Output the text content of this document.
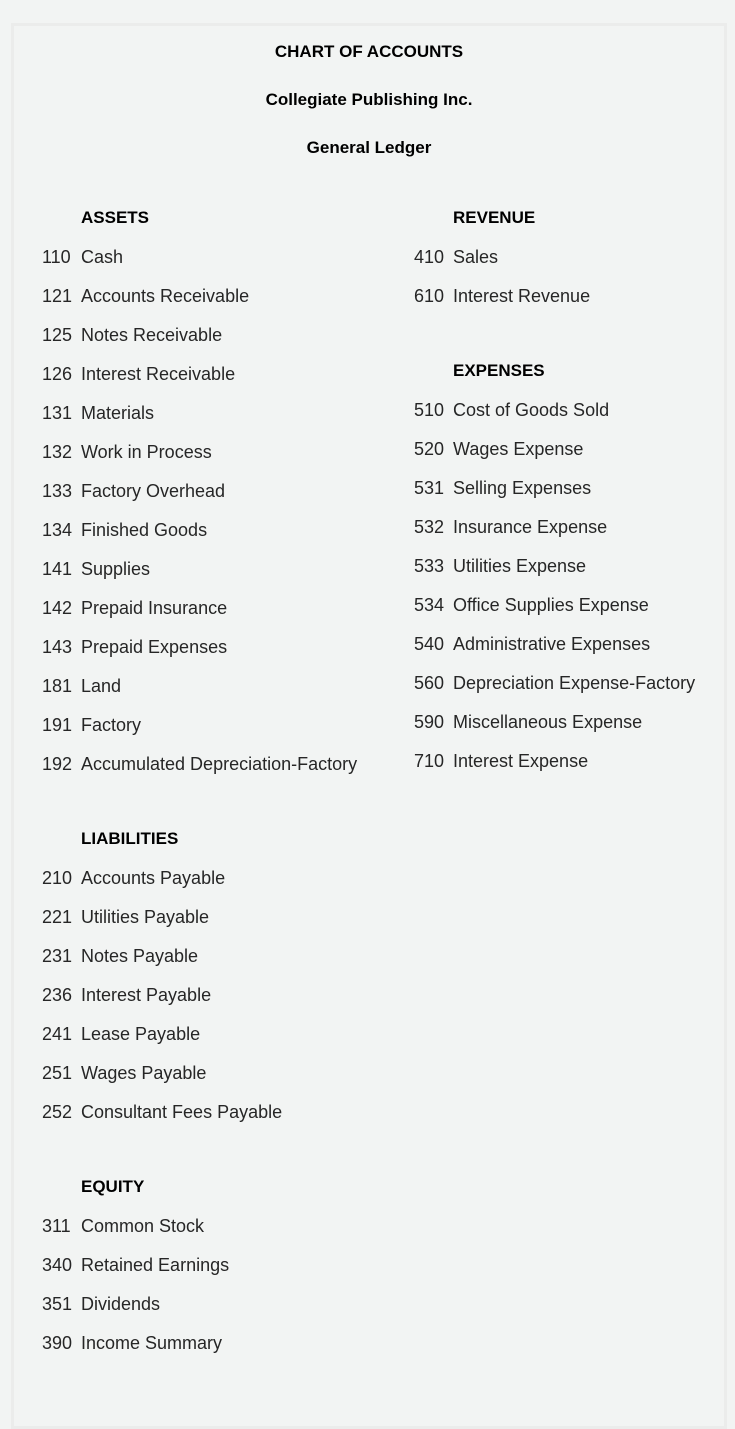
CHART OF ACCOUNTS
Collegiate Publishing Inc.
General Ledger
ASSETS
110 Cash
121 Accounts Receivable
125 Notes Receivable
126 Interest Receivable
131 Materials
132 Work in Process
133 Factory Overhead
134 Finished Goods
141 Supplies
142 Prepaid Insurance
143 Prepaid Expenses
181 Land
191 Factory
192 Accumulated Depreciation-Factory
LIABILITIES
210 Accounts Payable
221 Utilities Payable
231 Notes Payable
236 Interest Payable
241 Lease Payable
251 Wages Payable
252 Consultant Fees Payable
EQUITY
311 Common Stock
340 Retained Earnings
351 Dividends
390 Income Summary
REVENUE
410 Sales
610 Interest Revenue
EXPENSES
510 Cost of Goods Sold
520 Wages Expense
531 Selling Expenses
532 Insurance Expense
533 Utilities Expense
534 Office Supplies Expense
540 Administrative Expenses
560 Depreciation Expense-Factory
590 Miscellaneous Expense
710 Interest Expense
